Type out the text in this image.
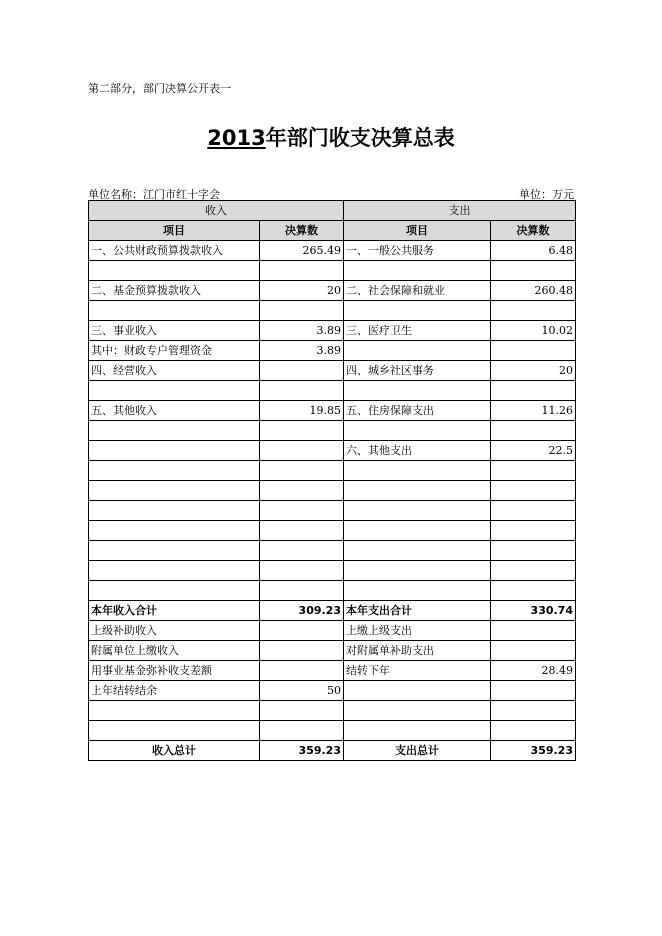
第二部分，部门决算公开表一
2013年部门收支决算总表
单位名称：江门市红十字会	单位：万元
收入		支出	
项目	决算数	项目	决算数
一、公共财政预算拨款收入	265.49	一、一般公共服务	6.48

二、基金预算拨款收入	20	二、社会保障和就业	260.48

三、事业收入	3.89	三、医疗卫生	10.02
其中：财政专户管理资金	3.89		
四、经营收入		四、城乡社区事务	20

五、其他收入	19.85	五、住房保障支出	11.26

		六、其他支出	22.5

本年收入合计	309.23	本年支出合计	330.74
上级补助收入		上缴上级支出	
附属单位上缴收入		对附属单补助支出	
用事业基金弥补收支差额		结转下年	28.49
上年结转结余	50		

收入总计	359.23	支出总计	359.23
